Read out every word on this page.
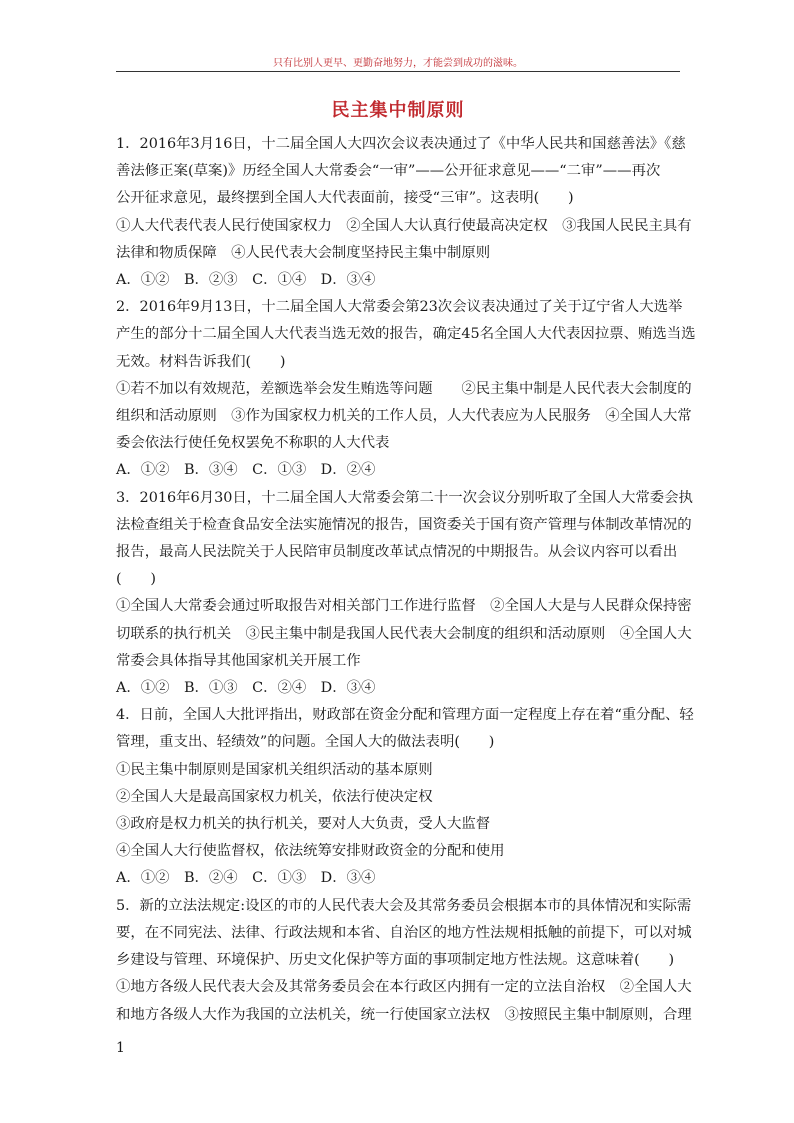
只有比别人更早、更勤奋地努力，才能尝到成功的滋味。
民主集中制原则

1．2016年3月16日，十二届全国人大四次会议表决通过了《中华人民共和国慈善法》《慈

善法修正案(草案)》历经全国人大常委会“一审”——公开征求意见——“二审”——再次

公开征求意见，最终摆到全国人大代表面前，接受“三审”。这表明(　　)

①人大代表代表人民行使国家权力　②全国人大认真行使最高决定权　③我国人民民主具有

法律和物质保障　④人民代表大会制度坚持民主集中制原则

A．①②　B．②③　C．①④　D．③④

2．2016年9月13日，十二届全国人大常委会第23次会议表决通过了关于辽宁省人大选举

产生的部分十二届全国人大代表当选无效的报告，确定45名全国人大代表因拉票、贿选当选

无效。材料告诉我们(　　)

①若不加以有效规范，差额选举会发生贿选等问题　　②民主集中制是人民代表大会制度的

组织和活动原则　③作为国家权力机关的工作人员，人大代表应为人民服务　④全国人大常

委会依法行使任免权罢免不称职的人大代表

A．①②　B．③④　C．①③　D．②④

3．2016年6月30日，十二届全国人大常委会第二十一次会议分别听取了全国人大常委会执

法检查组关于检查食品安全法实施情况的报告，国资委关于国有资产管理与体制改革情况的

报告，最高人民法院关于人民陪审员制度改革试点情况的中期报告。从会议内容可以看出

(　　)

①全国人大常委会通过听取报告对相关部门工作进行监督　②全国人大是与人民群众保持密

切联系的执行机关　③民主集中制是我国人民代表大会制度的组织和活动原则　④全国人大

常委会具体指导其他国家机关开展工作

A．①②　B．①③　C．②④　D．③④

4．日前，全国人大批评指出，财政部在资金分配和管理方面一定程度上存在着“重分配、轻

管理，重支出、轻绩效”的问题。全国人大的做法表明(　　)

①民主集中制原则是国家机关组织活动的基本原则

②全国人大是最高国家权力机关，依法行使决定权

③政府是权力机关的执行机关，要对人大负责，受人大监督

④全国人大行使监督权，依法统筹安排财政资金的分配和使用

A．①②　B．②④　C．①③　D．③④

5．新的立法法规定:设区的市的人民代表大会及其常务委员会根据本市的具体情况和实际需

要，在不同宪法、法律、行政法规和本省、自治区的地方性法规相抵触的前提下，可以对城

乡建设与管理、环境保护、历史文化保护等方面的事项制定地方性法规。这意味着(　　)

①地方各级人民代表大会及其常务委员会在本行政区内拥有一定的立法自治权　②全国人大

和地方各级人大作为我国的立法机关，统一行使国家立法权　③按照民主集中制原则，合理

1
